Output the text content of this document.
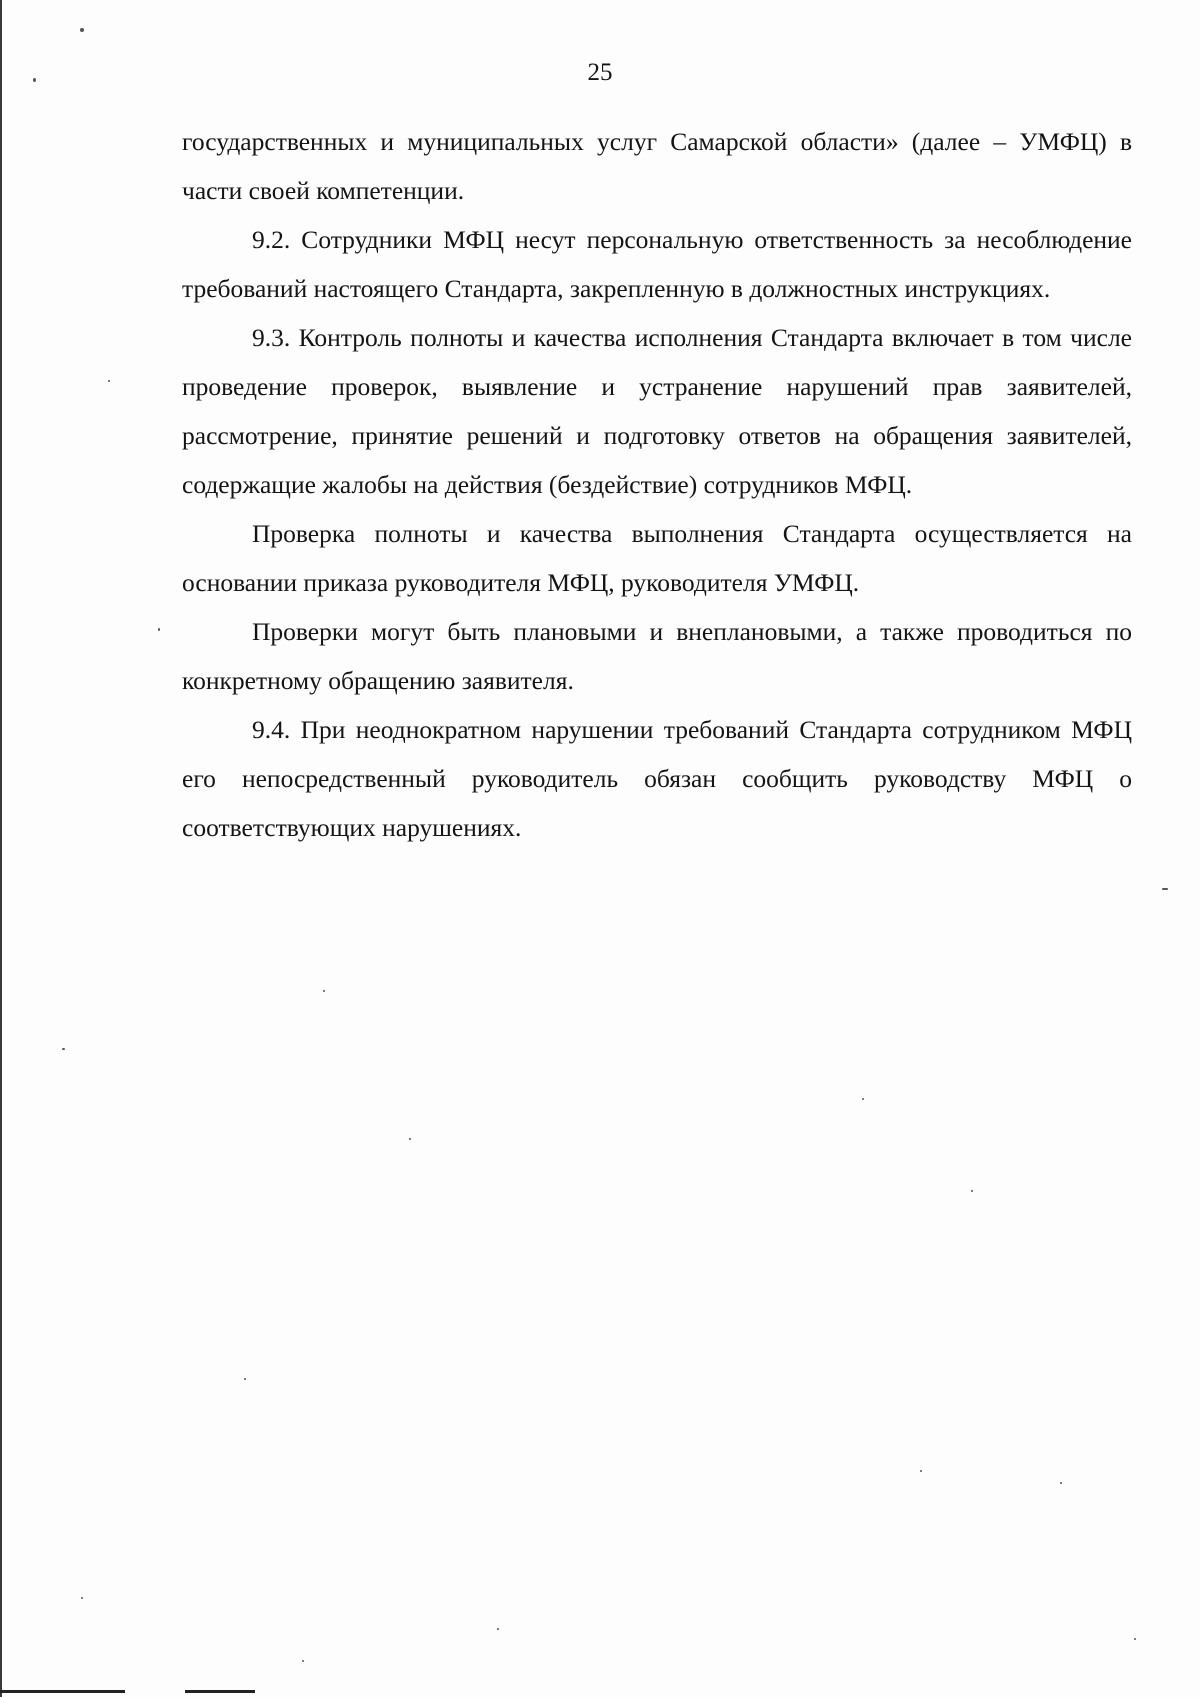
25

государственных и муниципальных услуг Самарской области» (далее – УМФЦ) в части своей компетенции.

9.2. Сотрудники МФЦ несут персональную ответственность за несоблюдение требований настоящего Стандарта, закрепленную в должностных инструкциях.

9.3. Контроль полноты и качества исполнения Стандарта включает в том числе проведение проверок, выявление и устранение нарушений прав заявителей, рассмотрение, принятие решений и подготовку ответов на обращения заявителей, содержащие жалобы на действия (бездействие) сотрудников МФЦ.

Проверка полноты и качества выполнения Стандарта осуществляется на основании приказа руководителя МФЦ, руководителя УМФЦ.

Проверки могут быть плановыми и внеплановыми, а также проводиться по конкретному обращению заявителя.

9.4. При неоднократном нарушении требований Стандарта сотрудником МФЦ его непосредственный руководитель обязан сообщить руководству МФЦ о соответствующих нарушениях.
